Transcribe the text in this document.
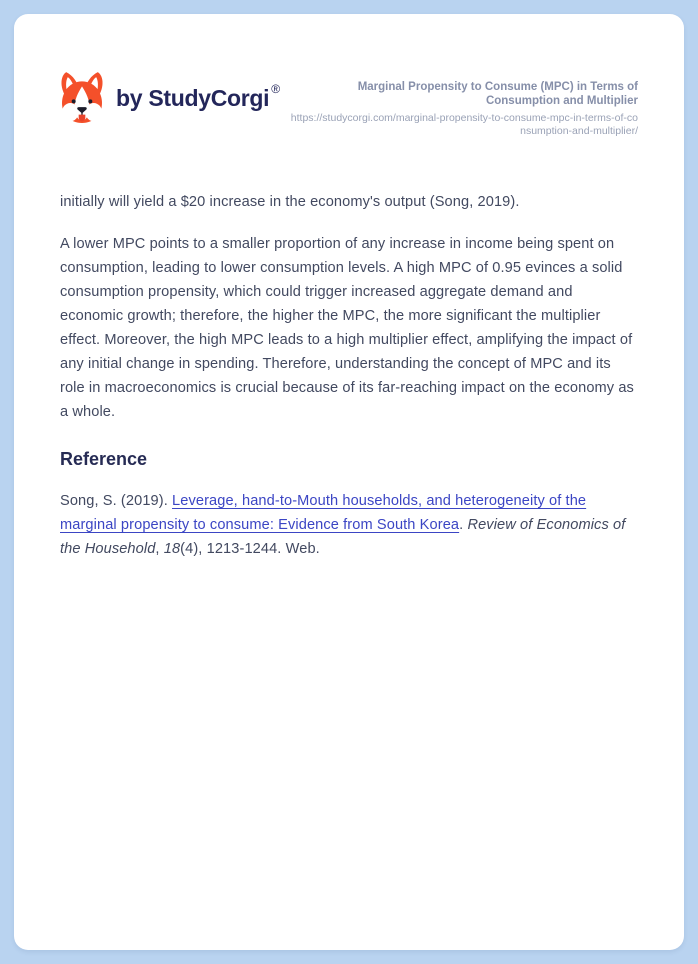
by StudyCorgi ®	Marginal Propensity to Consume (MPC) in Terms of Consumption and Multiplier
https://studycorgi.com/marginal-propensity-to-consume-mpc-in-terms-of-consumption-and-multiplier/

initially will yield a $20 increase in the economy's output (Song, 2019).

A lower MPC points to a smaller proportion of any increase in income being spent on consumption, leading to lower consumption levels. A high MPC of 0.95 evinces a solid consumption propensity, which could trigger increased aggregate demand and economic growth; therefore, the higher the MPC, the more significant the multiplier effect. Moreover, the high MPC leads to a high multiplier effect, amplifying the impact of any initial change in spending. Therefore, understanding the concept of MPC and its role in macroeconomics is crucial because of its far-reaching impact on the economy as a whole.

Reference

Song, S. (2019). Leverage, hand-to-Mouth households, and heterogeneity of the marginal propensity to consume: Evidence from South Korea. Review of Economics of the Household, 18(4), 1213-1244. Web.
